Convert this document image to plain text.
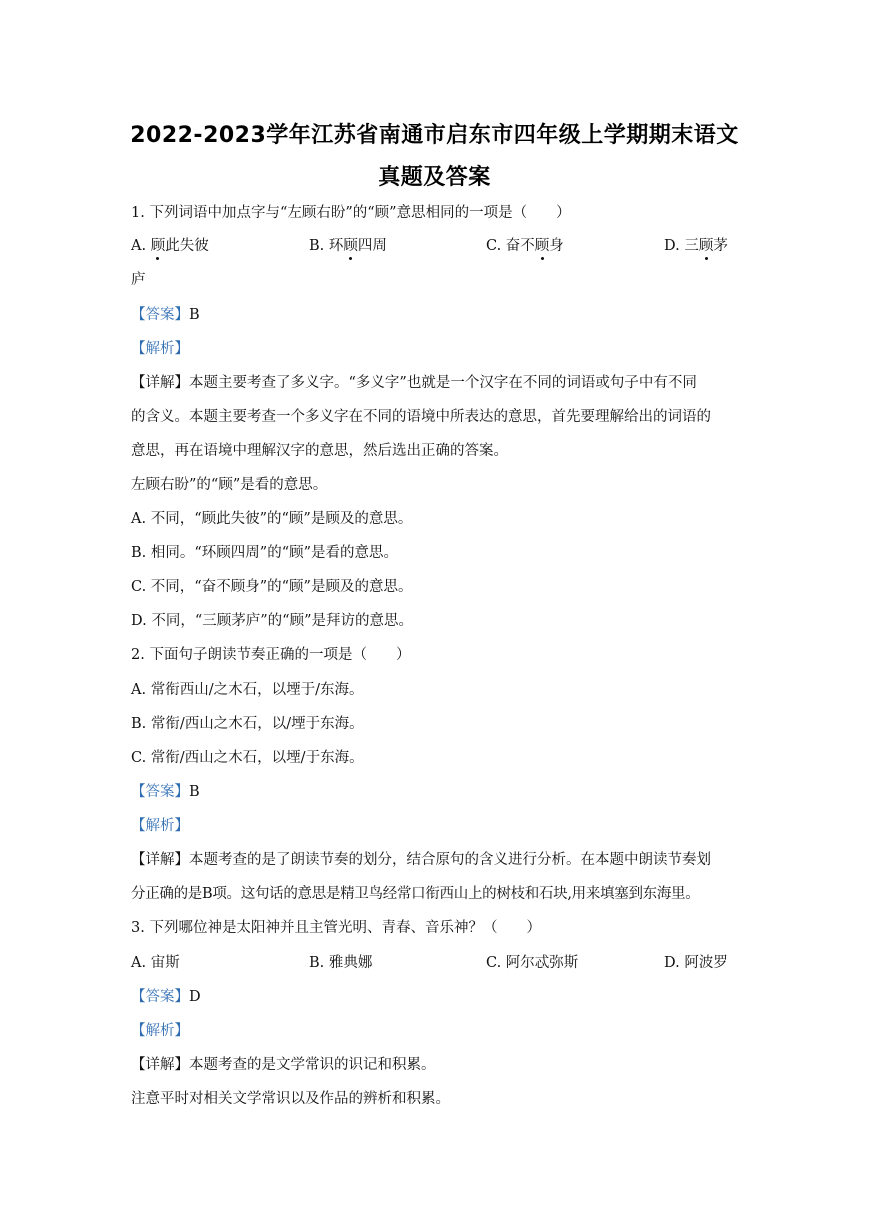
2022-2023学年江苏省南通市启东市四年级上学期期末语文
真题及答案
1. 下列词语中加点字与“左顾右盼”的“顾”意思相同的一项是（　　）
A. 顾此失彼	B. 环顾四周	C. 奋不顾身	D. 三顾茅
庐
【答案】B
【解析】
【详解】本题主要考查了多义字。“多义字”也就是一个汉字在不同的词语或句子中有不同
的含义。本题主要考查一个多义字在不同的语境中所表达的意思，首先要理解给出的词语的
意思，再在语境中理解汉字的意思，然后选出正确的答案。
左顾右盼”的“顾”是看的意思。
A. 不同，“顾此失彼”的“顾”是顾及的意思。
B. 相同。“环顾四周”的“顾”是看的意思。
C. 不同，“奋不顾身”的“顾”是顾及的意思。
D. 不同，“三顾茅庐”的“顾”是拜访的意思。
2. 下面句子朗读节奏正确的一项是（　　）
A. 常衔西山/之木石，以堙于/东海。
B. 常衔/西山之木石，以/堙于东海。
C. 常衔/西山之木石，以堙/于东海。
【答案】B
【解析】
【详解】本题考查的是了朗读节奏的划分，结合原句的含义进行分析。在本题中朗读节奏划
分正确的是B项。这句话的意思是精卫鸟经常口衔西山上的树枝和石块,用来填塞到东海里。
3. 下列哪位神是太阳神并且主管光明、青春、音乐神？（　　）
A. 宙斯	B. 雅典娜	C. 阿尔忒弥斯	D. 阿波罗
【答案】D
【解析】
【详解】本题考查的是文学常识的识记和积累。
注意平时对相关文学常识以及作品的辨析和积累。
